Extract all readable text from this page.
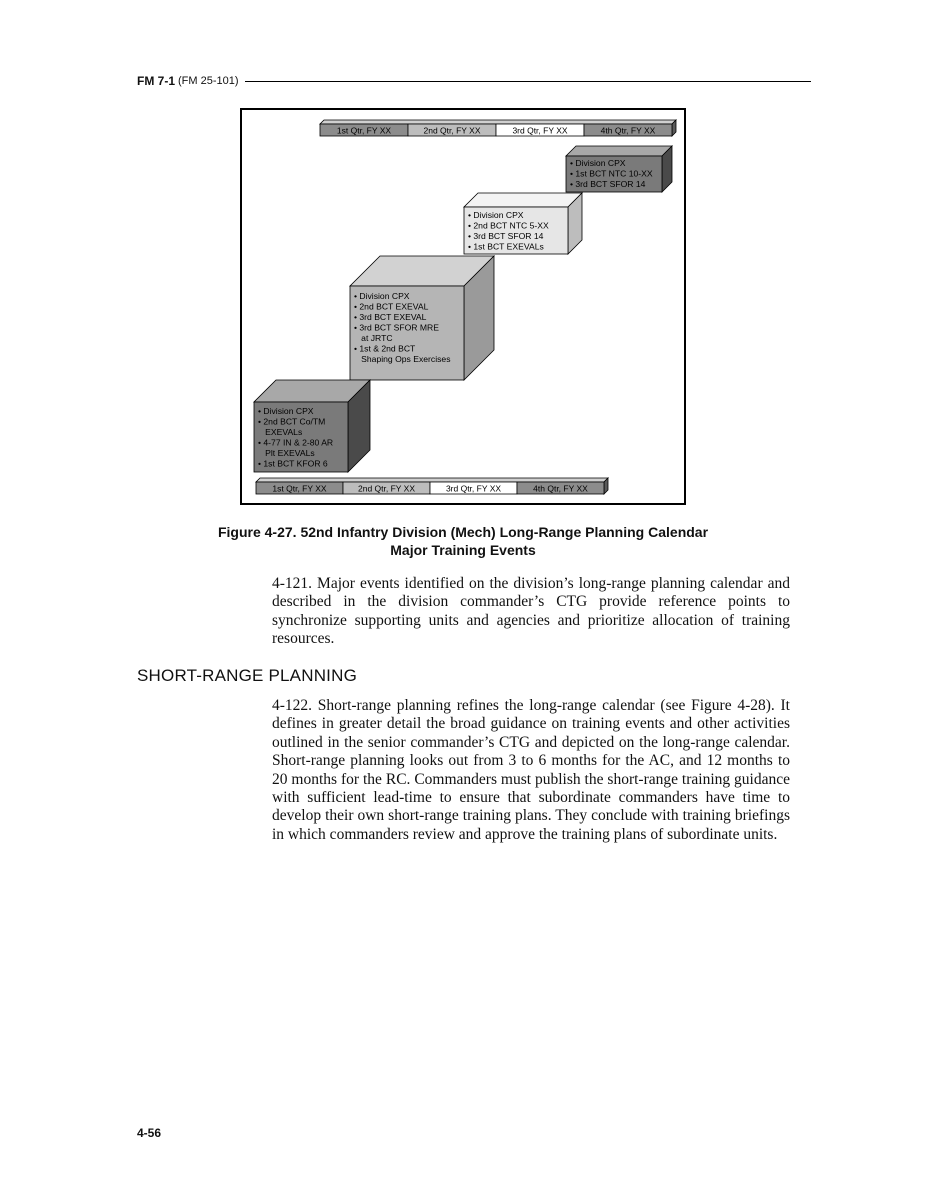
FM 7-1 (FM 25-101)
1st Qtr, FY XX	2nd Qtr, FY XX	3rd Qtr, FY XX	4th Qtr, FY XX
• Division CPX
• 1st BCT NTC 10-XX
• 3rd BCT SFOR 14
• Division CPX
• 2nd BCT NTC 5-XX
• 3rd BCT SFOR 14
• 1st BCT EXEVALs
• Division CPX
• 2nd BCT EXEVAL
• 3rd BCT EXEVAL
• 3rd BCT SFOR MRE
at JRTC
• 1st & 2nd BCT
Shaping Ops Exercises
• Division CPX
• 2nd BCT Co/TM
EXEVALs
• 4-77 IN & 2-80 AR
Plt EXEVALs
• 1st BCT KFOR 6
1st Qtr, FY XX	2nd Qtr, FY XX	3rd Qtr, FY XX	4th Qtr, FY XX
Figure 4-27. 52nd Infantry Division (Mech) Long-Range Planning Calendar
Major Training Events

4-121. Major events identified on the division’s long-range planning calendar and described in the division commander’s CTG provide reference points to synchronize supporting units and agencies and prioritize allocation of training resources.

SHORT-RANGE PLANNING

4-122. Short-range planning refines the long-range calendar (see Figure 4-28). It defines in greater detail the broad guidance on training events and other activities outlined in the senior commander’s CTG and depicted on the long-range calendar. Short-range planning looks out from 3 to 6 months for the AC, and 12 months to 20 months for the RC. Commanders must publish the short-range training guidance with sufficient lead-time to ensure that subordinate commanders have time to develop their own short-range training plans. They conclude with training briefings in which commanders review and approve the training plans of subordinate units.

4-56
